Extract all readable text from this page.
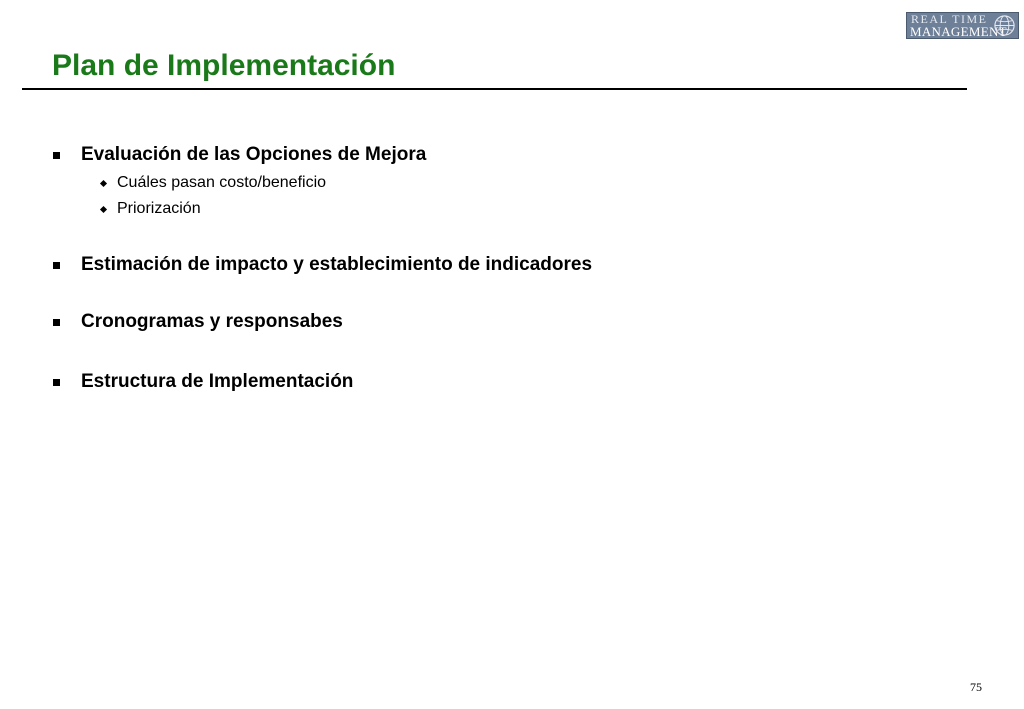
REAL TIME
MANAGEMENT
Plan de Implementación
Evaluación de las Opciones de Mejora
Cuáles pasan costo/beneficio
Priorización
Estimación de impacto y establecimiento de indicadores
Cronogramas y responsabes
Estructura de Implementación
75
